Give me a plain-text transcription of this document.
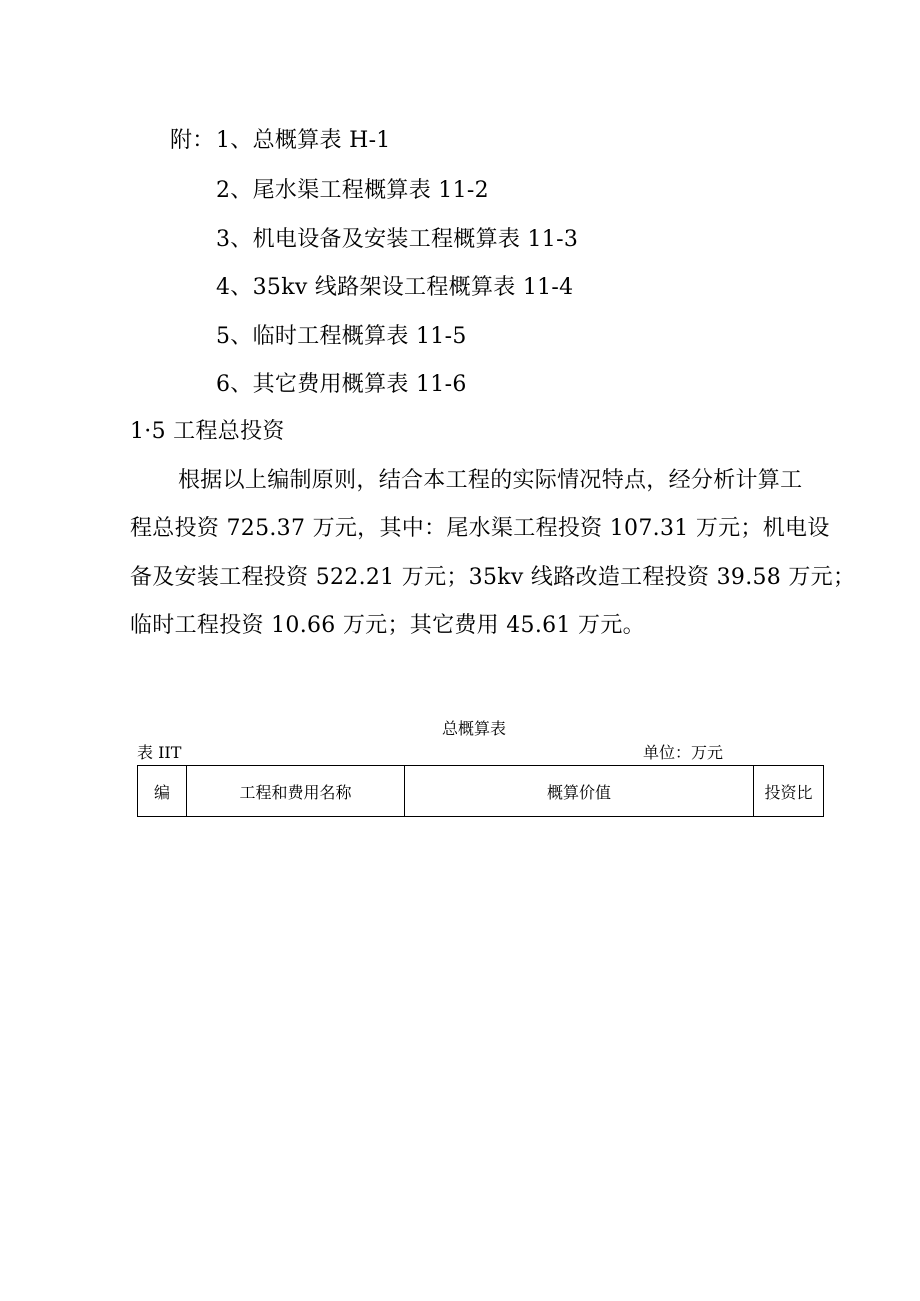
附： 1、总概算表 H-1
2、尾水渠工程概算表 11-2
3、机电设备及安装工程概算表 11-3
4、35kv 线路架设工程概算表 11-4
5、临时工程概算表 11-5
6、其它费用概算表 11-6
1·5 工程总投资
根据以上编制原则，结合本工程的实际情况特点，经分析计算工
程总投资 725.37 万元，其中：尾水渠工程投资 107.31 万元；机电设
备及安装工程投资 522.21 万元；35kv 线路改造工程投资 39.58 万元；
临时工程投资 10.66 万元；其它费用 45.61 万元。
总概算表
表 IIT	单位：万元
编	工程和费用名称	概算价值	投资比
